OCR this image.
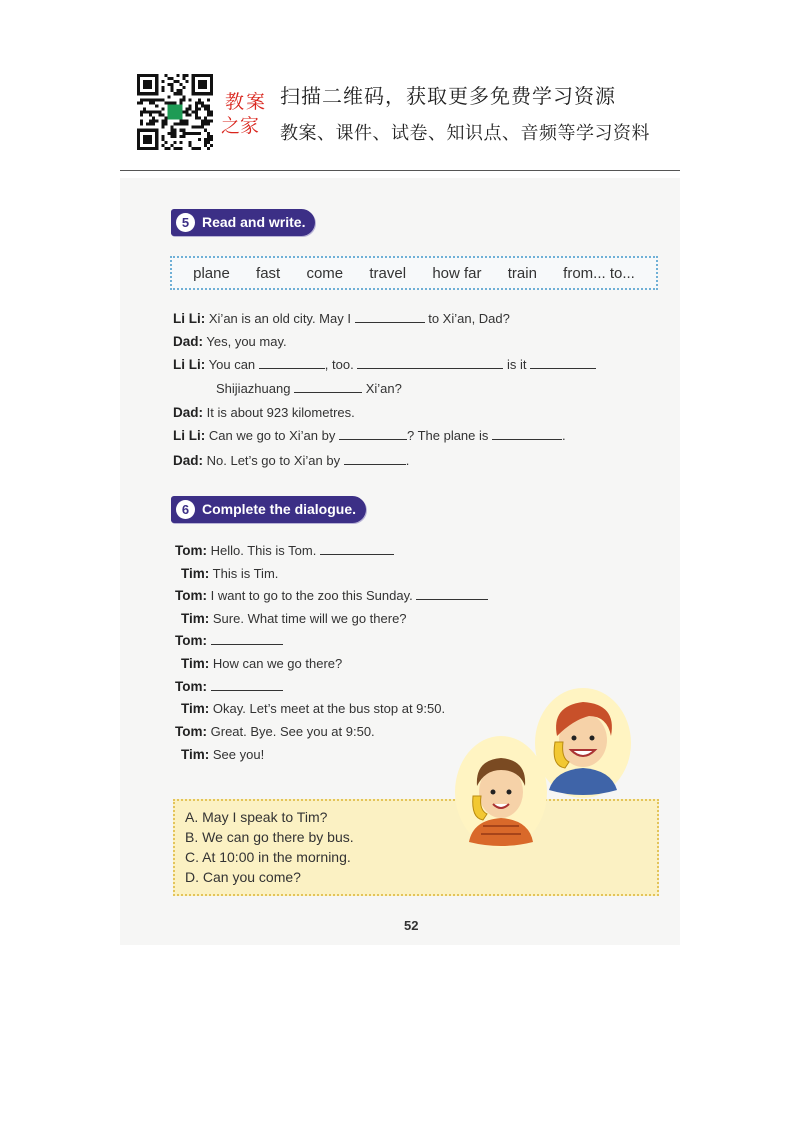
教案
之家
扫描二维码，获取更多免费学习资源
教案、课件、试卷、知识点、音频等学习资料
5 Read and write.
plane fast come travel how far train from... to...
Li Li: Xi’an is an old city. May I	to Xi’an, Dad?
Dad: Yes, you may.
Li Li: You can	, too.	is it
Shijiazhuang	Xi’an?
Dad: It is about 923 kilometres.
Li Li: Can we go to Xi’an by	? The plane is	.
Dad: No. Let’s go to Xi’an by	.
6 Complete the dialogue.
Tom: Hello. This is Tom.
Tim: This is Tim.
Tom: I want to go to the zoo this Sunday.
Tim: Sure. What time will we go there?
Tom:
Tim: How can we go there?
Tom:
Tim: Okay. Let’s meet at the bus stop at 9:50.
Tom: Great. Bye. See you at 9:50.
Tim: See you!
A. May I speak to Tim?
B. We can go there by bus.
C. At 10:00 in the morning.
D. Can you come?
52
